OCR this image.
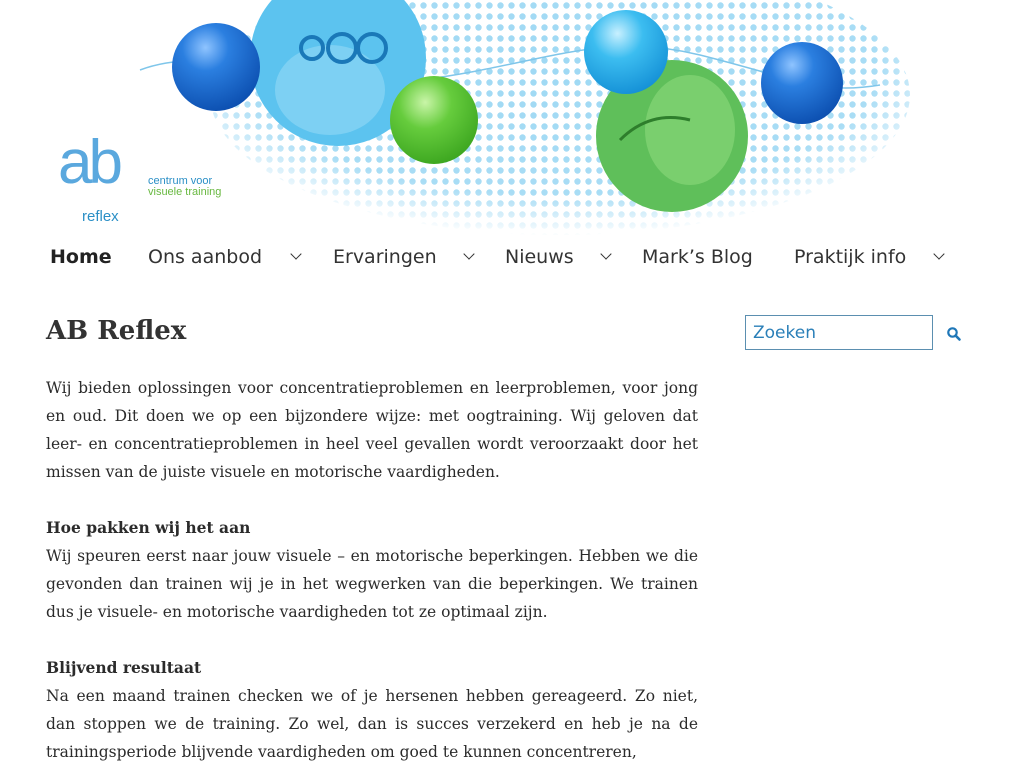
ab
reflex
centrum voor
visuele training
Home Ons aanbod	Ervaringen	Nieuws	Mark’s Blog Praktijk info
AB Reflex

Wij bieden oplossingen voor concentratieproblemen en leerproblemen, voor jong en oud. Dit doen we op een bijzondere wijze: met oogtraining. Wij geloven dat leer- en concentratieproblemen in heel veel gevallen wordt veroorzaakt door het missen van de juiste visuele en motorische vaardigheden.

Hoe pakken wij het aan
Wij speuren eerst naar jouw visuele – en motorische beperkingen. Hebben we die gevonden dan trainen wij je in het wegwerken van die beperkingen. We trainen dus je visuele- en motorische vaardigheden tot ze optimaal zijn.

Blijvend resultaat
Na een maand trainen checken we of je hersenen hebben gereageerd. Zo niet, dan stoppen we de training. Zo wel, dan is succes verzekerd en heb je na de trainingsperiode blijvende vaardigheden om goed te kunnen concentreren,

Zoeken
